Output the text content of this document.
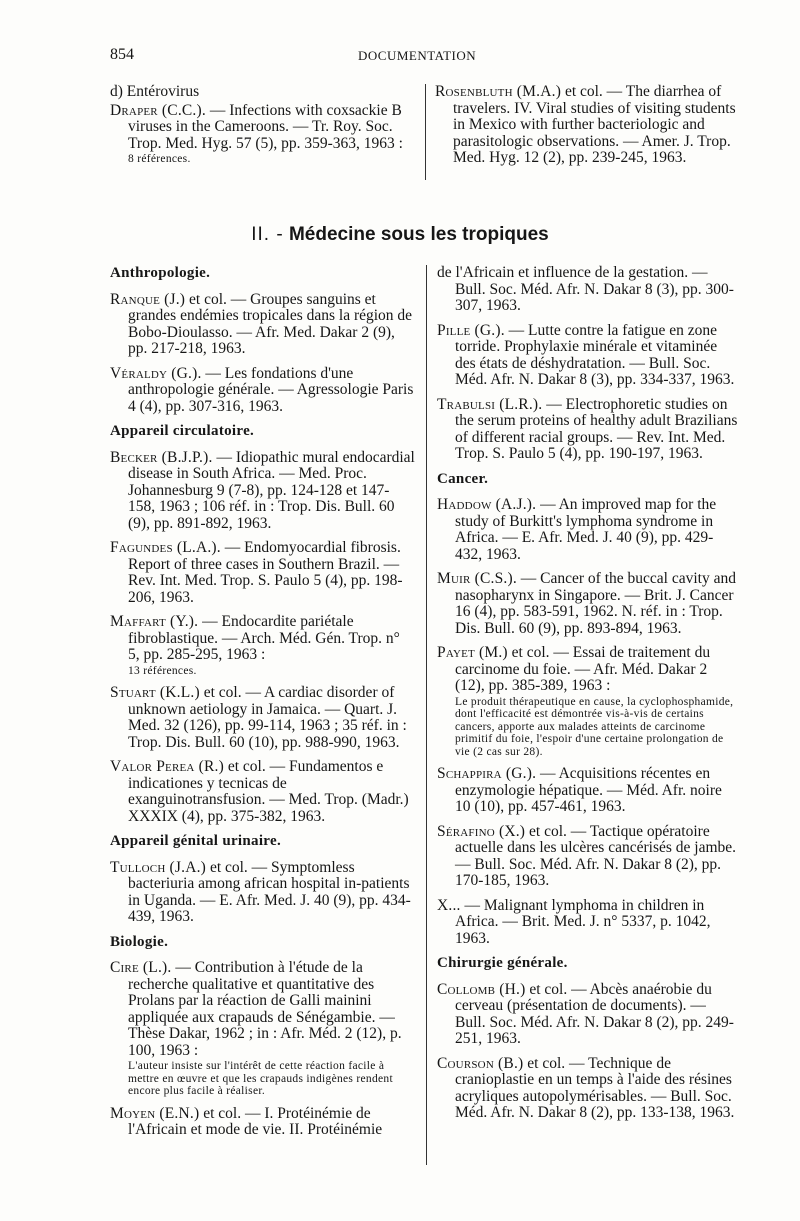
854	DOCUMENTATION
d) Entérovirus
Draper (C.C.). — Infections with coxsackie B viruses in the Cameroons. — Tr. Roy. Soc. Trop. Med. Hyg. 57 (5), pp. 359-363, 1963 :
8 références.
Rosenbluth (M.A.) et col. — The diarrhea of travelers. IV. Viral studies of visiting students in Mexico with further bacteriologic and parasitologic observations. — Amer. J. Trop. Med. Hyg. 12 (2), pp. 239-245, 1963.
II. - Médecine sous les tropiques
Anthropologie.
Ranque (J.) et col. — Groupes sanguins et grandes endémies tropicales dans la région de Bobo-Dioulasso. — Afr. Med. Dakar 2 (9), pp. 217-218, 1963.
Véraldy (G.). — Les fondations d'une anthropologie générale. — Agressologie Paris 4 (4), pp. 307-316, 1963.
Appareil circulatoire.
Becker (B.J.P.). — Idiopathic mural endocardial disease in South Africa. — Med. Proc. Johannesburg 9 (7-8), pp. 124-128 et 147-158, 1963 ; 106 réf. in : Trop. Dis. Bull. 60 (9), pp. 891-892, 1963.
Fagundes (L.A.). — Endomyocardial fibrosis. Report of three cases in Southern Brazil. — Rev. Int. Med. Trop. S. Paulo 5 (4), pp. 198-206, 1963.
Maffart (Y.). — Endocardite pariétale fibroblastique. — Arch. Méd. Gén. Trop. n° 5, pp. 285-295, 1963 :
13 références.
Stuart (K.L.) et col. — A cardiac disorder of unknown aetiology in Jamaica. — Quart. J. Med. 32 (126), pp. 99-114, 1963 ; 35 réf. in : Trop. Dis. Bull. 60 (10), pp. 988-990, 1963.
Valor Perea (R.) et col. — Fundamentos e indicationes y tecnicas de exanguinotransfusion. — Med. Trop. (Madr.) XXXIX (4), pp. 375-382, 1963.
Appareil génital urinaire.
Tulloch (J.A.) et col. — Symptomless bacteriuria among african hospital in-patients in Uganda. — E. Afr. Med. J. 40 (9), pp. 434-439, 1963.
Biologie.
Cire (L.). — Contribution à l'étude de la recherche qualitative et quantitative des Prolans par la réaction de Galli mainini appliquée aux crapauds de Sénégambie. — Thèse Dakar, 1962 ; in : Afr. Méd. 2 (12), p. 100, 1963 :
L'auteur insiste sur l'intérêt de cette réaction facile à mettre en œuvre et que les crapauds indigènes rendent encore plus facile à réaliser.
Moyen (E.N.) et col. — I. Protéinémie de l'Africain et mode de vie. II. Protéinémie
de l'Africain et influence de la gestation. — Bull. Soc. Méd. Afr. N. Dakar 8 (3), pp. 300-307, 1963.
Pille (G.). — Lutte contre la fatigue en zone torride. Prophylaxie minérale et vitaminée des états de déshydratation. — Bull. Soc. Méd. Afr. N. Dakar 8 (3), pp. 334-337, 1963.
Trabulsi (L.R.). — Electrophoretic studies on the serum proteins of healthy adult Brazilians of different racial groups. — Rev. Int. Med. Trop. S. Paulo 5 (4), pp. 190-197, 1963.
Cancer.
Haddow (A.J.). — An improved map for the study of Burkitt's lymphoma syndrome in Africa. — E. Afr. Med. J. 40 (9), pp. 429-432, 1963.
Muir (C.S.). — Cancer of the buccal cavity and nasopharynx in Singapore. — Brit. J. Cancer 16 (4), pp. 583-591, 1962. N. réf. in : Trop. Dis. Bull. 60 (9), pp. 893-894, 1963.
Payet (M.) et col. — Essai de traitement du carcinome du foie. — Afr. Méd. Dakar 2 (12), pp. 385-389, 1963 :
Le produit thérapeutique en cause, la cyclophosphamide, dont l'efficacité est démontrée vis-à-vis de certains cancers, apporte aux malades atteints de carcinome primitif du foie, l'espoir d'une certaine prolongation de vie (2 cas sur 28).
Schappira (G.). — Acquisitions récentes en enzymologie hépatique. — Méd. Afr. noire 10 (10), pp. 457-461, 1963.
Sérafino (X.) et col. — Tactique opératoire actuelle dans les ulcères cancérisés de jambe. — Bull. Soc. Méd. Afr. N. Dakar 8 (2), pp. 170-185, 1963.
X... — Malignant lymphoma in children in Africa. — Brit. Med. J. n° 5337, p. 1042, 1963.
Chirurgie générale.
Collomb (H.) et col. — Abcès anaérobie du cerveau (présentation de documents). — Bull. Soc. Méd. Afr. N. Dakar 8 (2), pp. 249-251, 1963.
Courson (B.) et col. — Technique de cranioplastie en un temps à l'aide des résines acryliques autopolymérisables. — Bull. Soc. Méd. Afr. N. Dakar 8 (2), pp. 133-138, 1963.
